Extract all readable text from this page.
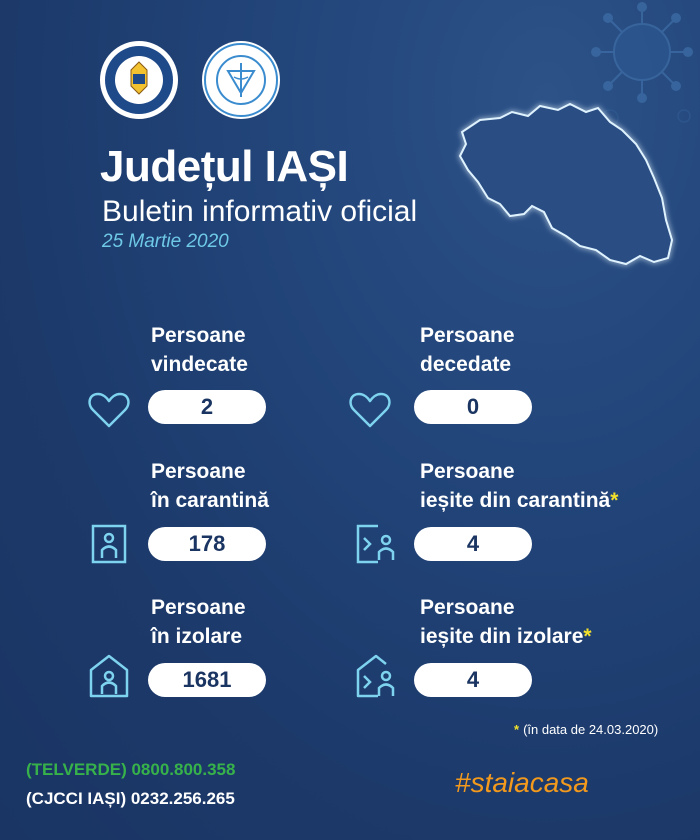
Județul IAȘI
Buletin informativ oficial
25 Martie 2020
Persoane
vindecate
2
Persoane
decedate
0
Persoane
în carantină
178
Persoane
ieșite din carantină*
4
Persoane
în izolare
1681
Persoane
ieșite din izolare*
4
* (în data de 24.03.2020)
(TELVERDE) 0800.800.358
(CJCCI IAȘI) 0232.256.265
#staiacasa
